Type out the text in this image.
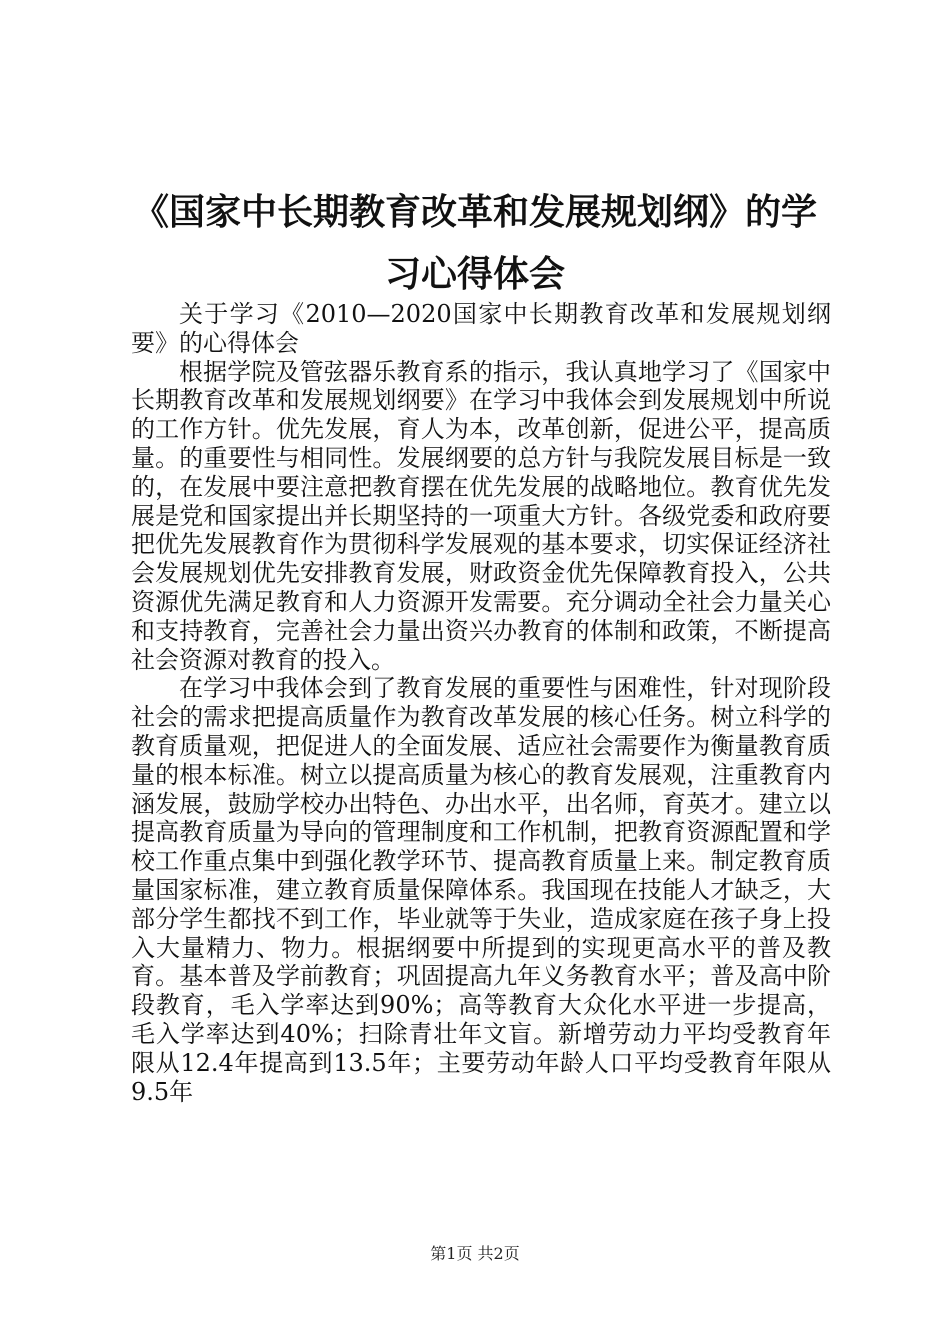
《国家中长期教育改革和发展规划纲》的学习心得体会

关于学习《2010—2020国家中长期教育改革和发展规划纲要》的心得体会

根据学院及管弦器乐教育系的指示，我认真地学习了《国家中长期教育改革和发展规划纲要》在学习中我体会到发展规划中所说的工作方针。优先发展，育人为本，改革创新，促进公平，提高质量。的重要性与相同性。发展纲要的总方针与我院发展目标是一致的，在发展中要注意把教育摆在优先发展的战略地位。教育优先发展是党和国家提出并长期坚持的一项重大方针。各级党委和政府要把优先发展教育作为贯彻科学发展观的基本要求，切实保证经济社会发展规划优先安排教育发展，财政资金优先保障教育投入，公共资源优先满足教育和人力资源开发需要。充分调动全社会力量关心和支持教育，完善社会力量出资兴办教育的体制和政策，不断提高社会资源对教育的投入。

在学习中我体会到了教育发展的重要性与困难性，针对现阶段社会的需求把提高质量作为教育改革发展的核心任务。树立科学的教育质量观，把促进人的全面发展、适应社会需要作为衡量教育质量的根本标准。树立以提高质量为核心的教育发展观，注重教育内涵发展，鼓励学校办出特色、办出水平，出名师，育英才。建立以提高教育质量为导向的管理制度和工作机制，把教育资源配置和学校工作重点集中到强化教学环节、提高教育质量上来。制定教育质量国家标准，建立教育质量保障体系。我国现在技能人才缺乏，大部分学生都找不到工作，毕业就等于失业，造成家庭在孩子身上投入大量精力、物力。根据纲要中所提到的实现更高水平的普及教育。基本普及学前教育；巩固提高九年义务教育水平；普及高中阶段教育，毛入学率达到90%；高等教育大众化水平进一步提高，毛入学率达到40%；扫除青壮年文盲。新增劳动力平均受教育年限从12.4年提高到13.5年；主要劳动年龄人口平均受教育年限从9.5年

第1页 共2页
